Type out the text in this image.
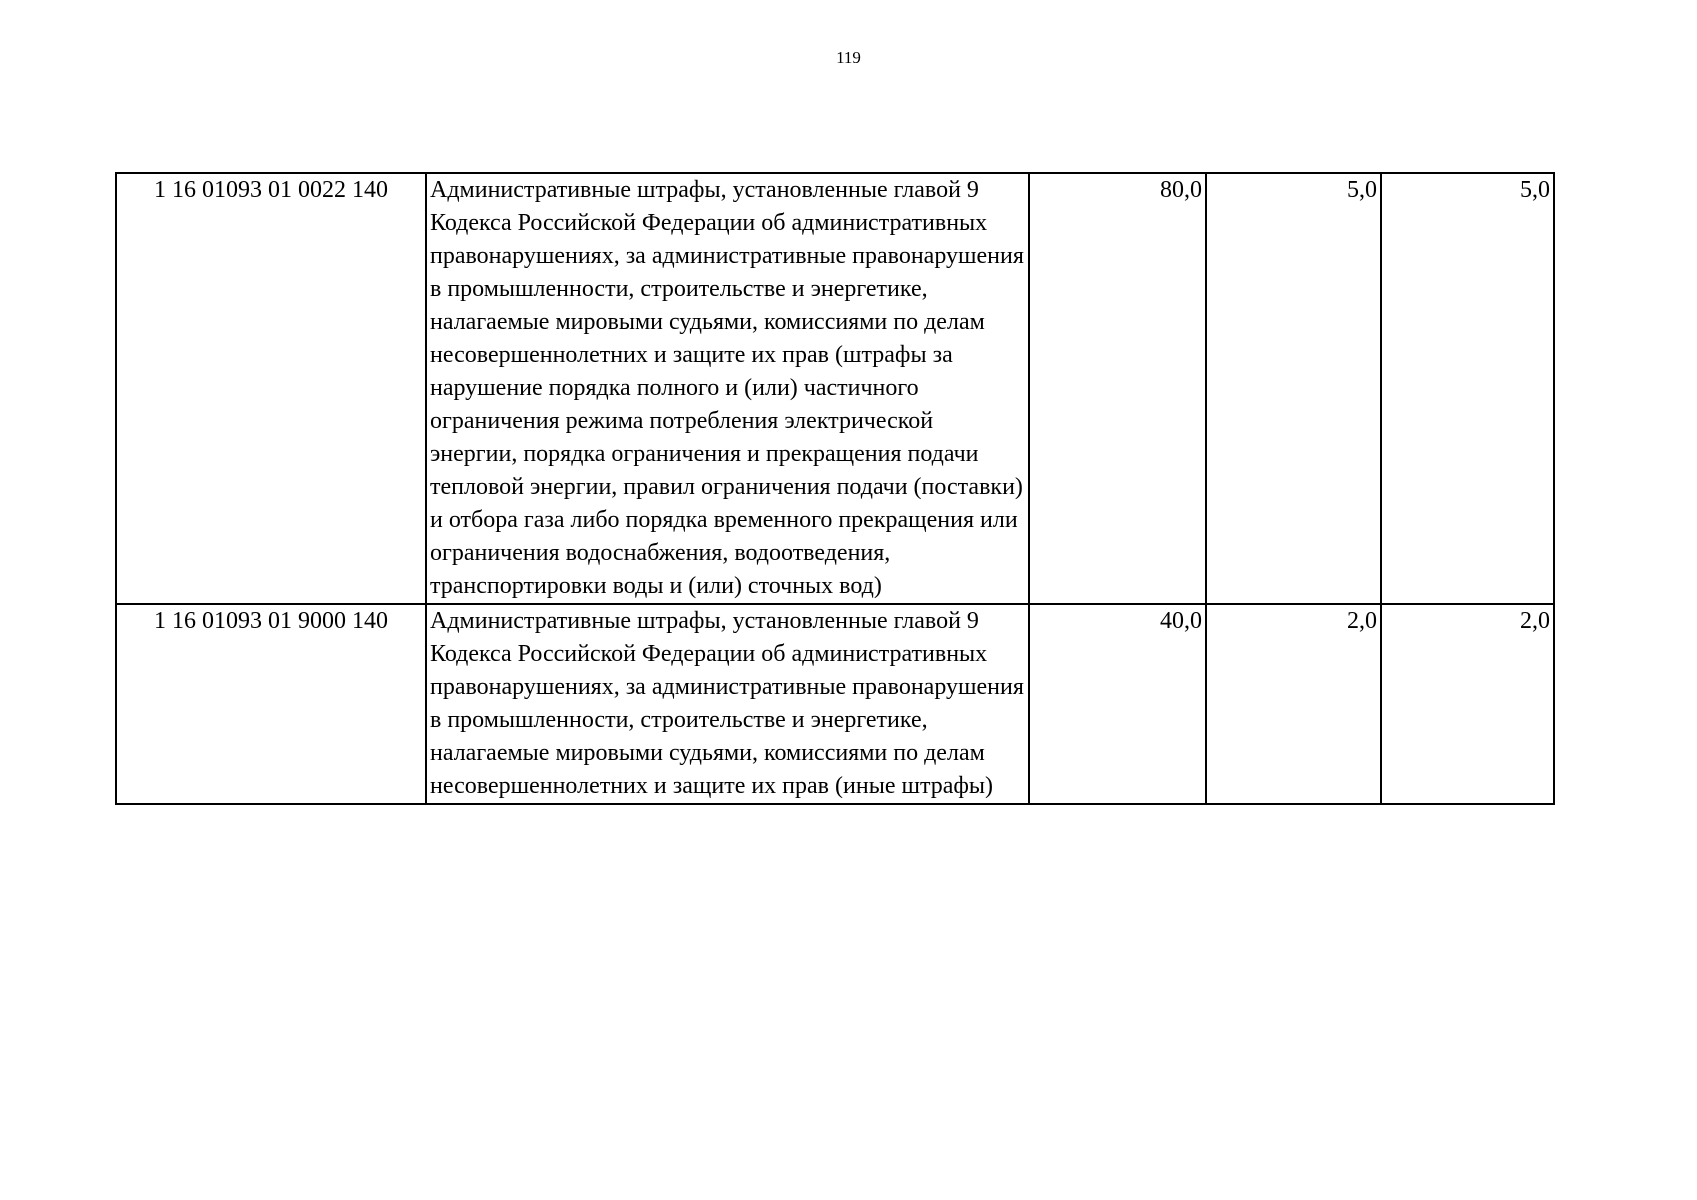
119
1 16 01093 01 0022 140	Административные штрафы, установленные главой 9 Кодекса Российской Федерации об административных правонарушениях, за административные правонарушения в промышленности, строительстве и энергетике, налагаемые мировыми судьями, комиссиями по делам несовершеннолетних и защите их прав (штрафы за нарушение порядка полного и (или) частичного ограничения режима потребления электрической энергии, порядка ограничения и прекращения подачи тепловой энергии, правил ограничения подачи (поставки) и отбора газа либо порядка временного прекращения или ограничения водоснабжения, водоотведения, транспортировки воды и (или) сточных вод)	80,0	5,0	5,0
1 16 01093 01 9000 140	Административные штрафы, установленные главой 9 Кодекса Российской Федерации об административных правонарушениях, за административные правонарушения в промышленности, строительстве и энергетике, налагаемые мировыми судьями, комиссиями по делам несовершеннолетних и защите их прав (иные штрафы)	40,0	2,0	2,0
